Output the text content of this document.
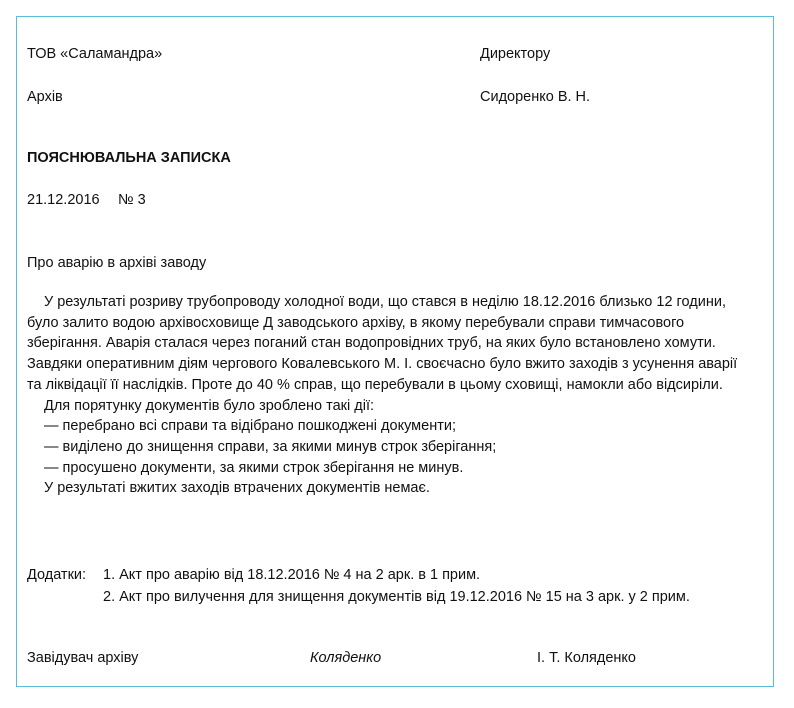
ТОВ «Саламандра»	Директору
Архів	Сидоренко В. Н.
ПОЯСНЮВАЛЬНА ЗАПИСКА
21.12.2016 № 3
Про аварію в архіві заводу

У результаті розриву трубопроводу холодної води, що стався в неділю 18.12.2016 близько 12 години, було залито водою архівосховище Д заводського архіву, в якому перебували справи тимчасового зберігання. Аварія сталася через поганий стан водопровідних труб, на яких було встановлено хомути. Завдяки оперативним діям чергового Ковалевського М. І. своєчасно було вжито заходів з усунення аварії та ліквідації її наслідків. Проте до 40 % справ, що перебували в цьому сховищі, намокли або відсиріли.

Для порятунку документів було зроблено такі дії:

— перебрано всі справи та відібрано пошкоджені документи;

— виділено до знищення справи, за якими минув строк зберігання;

— просушено документи, за якими строк зберігання не минув.

У результаті вжитих заходів втрачених документів немає.

Додатки: 1. Акт про аварію від 18.12.2016 № 4 на 2 арк. в 1 прим.
2. Акт про вилучення для знищення документів від 19.12.2016 № 15 на 3 арк. у 2 прим.
Завідувач архіву	Коляденко	І. Т. Коляденко
